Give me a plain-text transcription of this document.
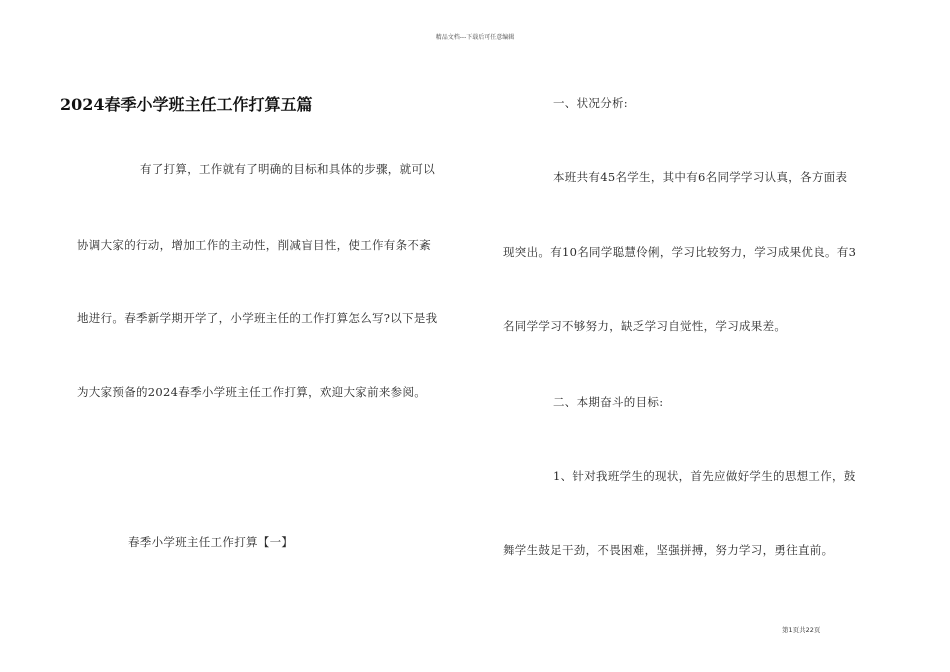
精品文档---下载后可任意编辑
2024春季小学班主任工作打算五篇
有了打算，工作就有了明确的目标和具体的步骤，就可以
协调大家的行动，增加工作的主动性，削减盲目性，使工作有条不紊
地进行。春季新学期开学了，小学班主任的工作打算怎么写?以下是我
为大家预备的2024春季小学班主任工作打算，欢迎大家前来参阅。
春季小学班主任工作打算【一】
一、状况分析:
本班共有45名学生，其中有6名同学学习认真，各方面表
现突出。有10名同学聪慧伶俐，学习比较努力，学习成果优良。有3
名同学学习不够努力，缺乏学习自觉性，学习成果差。
二、本期奋斗的目标:
1、针对我班学生的现状，首先应做好学生的思想工作，鼓
舞学生鼓足干劲，不畏困难，坚强拼搏，努力学习，勇往直前。
第1页共22页
